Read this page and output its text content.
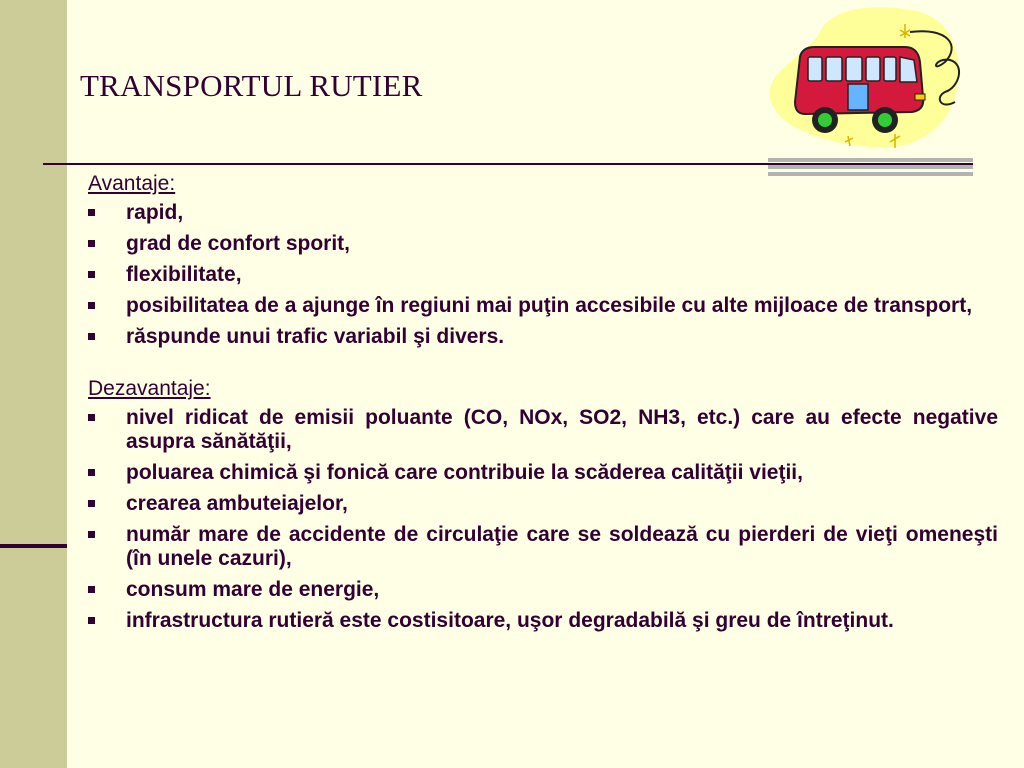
TRANSPORTUL RUTIER
Avantaje:
rapid,
grad de confort sporit,
flexibilitate,
posibilitatea de a ajunge în regiuni mai puţin accesibile cu alte mijloace de transport,
răspunde unui trafic variabil şi divers.
Dezavantaje:
nivel ridicat de emisii poluante (CO, NOx, SO2, NH3, etc.) care au efecte negative asupra sănătăţii,
poluarea chimică şi fonică care contribuie la scăderea calităţii vieţii,
crearea ambuteiajelor,
număr mare de accidente de circulaţie care se soldează cu pierderi de vieţi omeneşti (în unele cazuri),
consum mare de energie,
infrastructura rutieră este costisitoare, uşor degradabilă şi greu de întreţinut.
